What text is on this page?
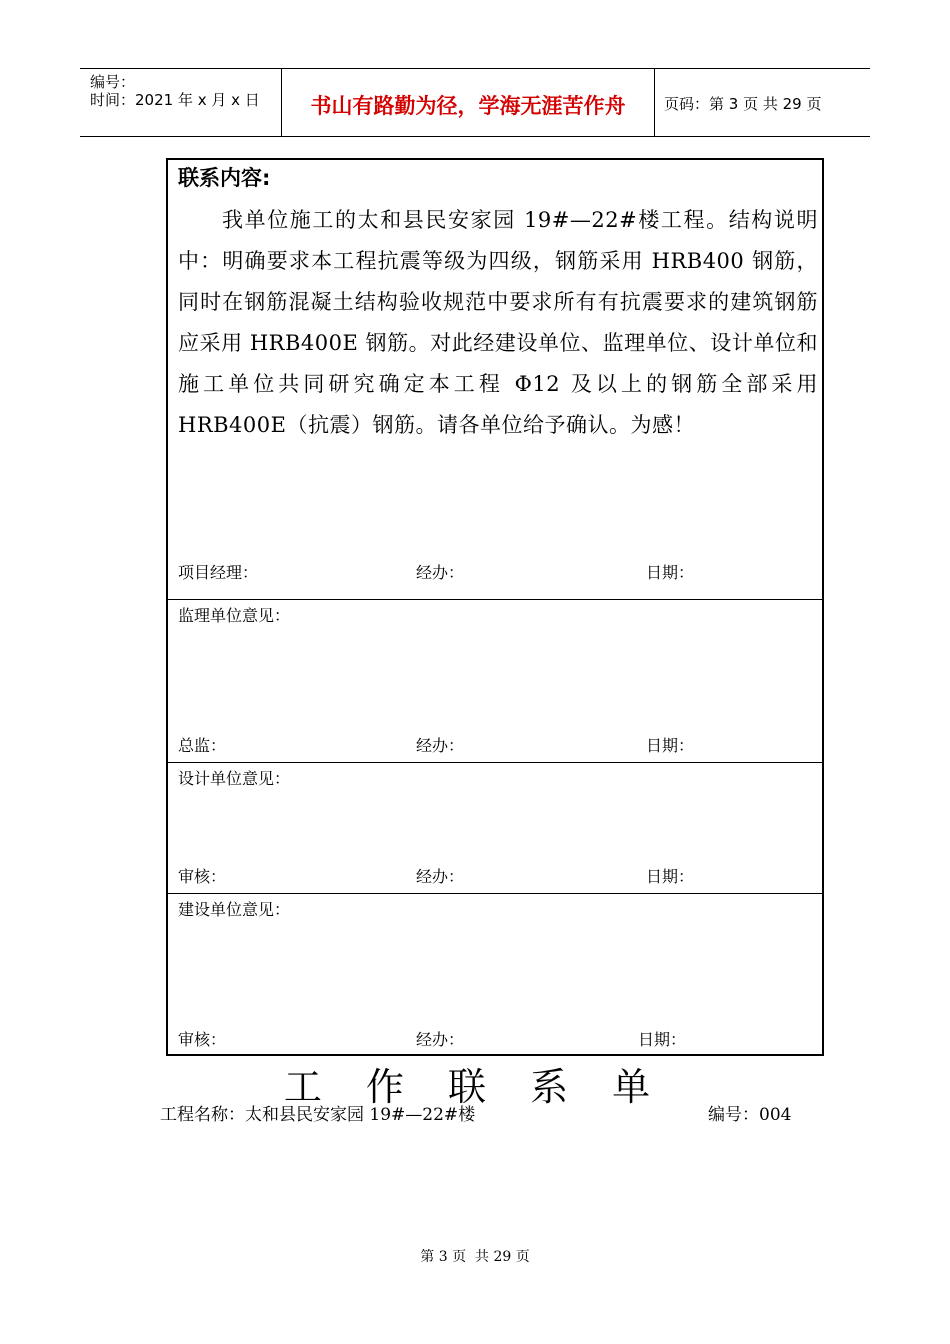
编号：
时间：2021 年 x 月 x 日	书山有路勤为径，学海无涯苦作舟	页码：第 3 页 共 29 页
联系内容:
我单位施工的太和县民安家园 19#—22#楼工程。结构说明中：明确要求本工程抗震等级为四级，钢筋采用 HRB400 钢筋，同时在钢筋混凝土结构验收规范中要求所有有抗震要求的建筑钢筋应采用 HRB400E 钢筋。对此经建设单位、监理单位、设计单位和施工单位共同研究确定本工程 Φ12 及以上的钢筋全部采用 HRB400E（抗震）钢筋。请各单位给予确认。为感！
项目经理：	经办：	日期：
监理单位意见：
总监：	经办：	日期：
设计单位意见：
审核：	经办：	日期：
建设单位意见：
审核：	经办：	日期：
工 作 联 系 单
工程名称：太和县民安家园 19#—22#楼	编号：004
第 3 页  共 29 页
